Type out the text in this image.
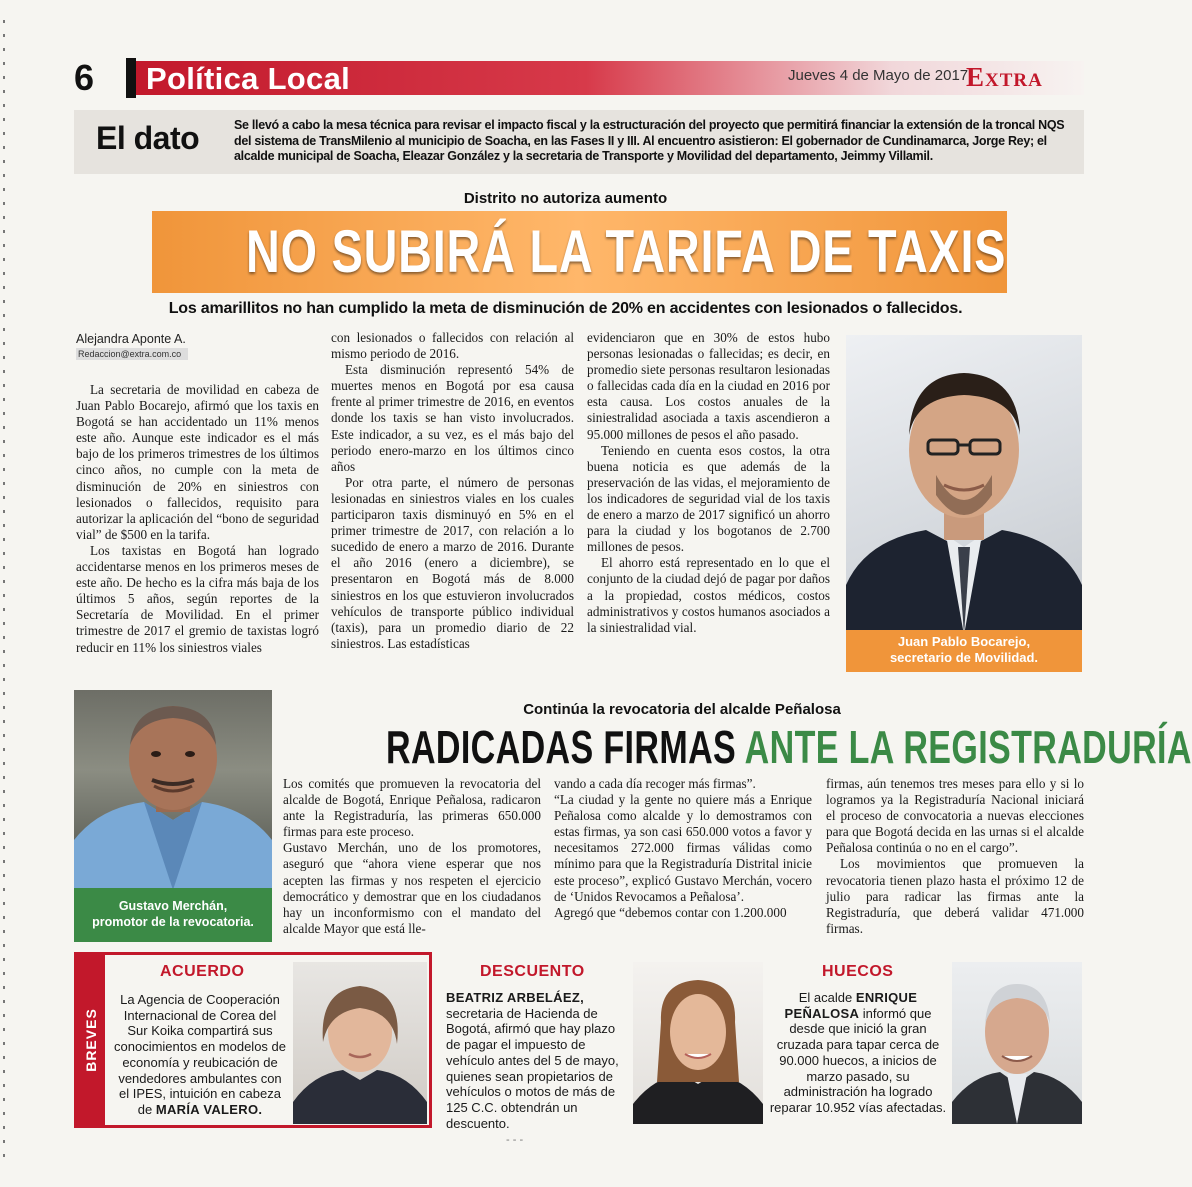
6	Política Local	Jueves 4 de Mayo de 2017
Extra
El dato	Se llevó a cabo la mesa técnica para revisar el impacto fiscal y la estructuración del proyecto que permitirá financiar la extensión de la troncal NQS del sistema de TransMilenio al municipio de Soacha, en las Fases II y III. Al encuentro asistieron: El gobernador de Cundinamarca, Jorge Rey; el alcalde municipal de Soacha, Eleazar González y la secretaria de Transporte y Movilidad del departamento, Jeimmy Villamil.
Distrito no autoriza aumento
NO SUBIRÁ LA TARIFA DE TAXIS
Los amarillitos no han cumplido la meta de disminución de 20% en accidentes con lesionados o fallecidos.
Alejandra Aponte A.
Redaccion@extra.com.co

La secretaria de movilidad en cabeza de Juan Pablo Bocarejo, afirmó que los taxis en Bogotá se han accidentado un 11% menos este año. Aunque este indicador es el más bajo de los primeros trimestres de los últimos cinco años, no cumple con la meta de disminución de 20% en siniestros con lesionados o fallecidos, requisito para autorizar la aplicación del “bono de seguridad vial” de $500 en la tarifa.

Los taxistas en Bogotá han logrado accidentarse menos en los primeros meses de este año. De hecho es la cifra más baja de los últimos 5 años, según reportes de la Secretaría de Movilidad. En el primer trimestre de 2017 el gremio de taxistas logró reducir en 11% los siniestros viales

con lesionados o fallecidos con relación al mismo periodo de 2016.

Esta disminución representó 54% de muertes menos en Bogotá por esa causa frente al primer trimestre de 2016, en eventos donde los taxis se han visto involucrados. Este indicador, a su vez, es el más bajo del periodo enero-marzo en los últimos cinco años

Por otra parte, el número de personas lesionadas en siniestros viales en los cuales participaron taxis disminuyó en 5% en el primer trimestre de 2017, con relación a lo sucedido de enero a marzo de 2016. Durante el año 2016 (enero a diciembre), se presentaron en Bogotá más de 8.000 siniestros en los que estuvieron involucrados vehículos de transporte público individual (taxis), para un promedio diario de 22 siniestros. Las estadísticas

evidenciaron que en 30% de estos hubo personas lesionadas o fallecidas; es decir, en promedio siete personas resultaron lesionadas o fallecidas cada día en la ciudad en 2016 por esta causa. Los costos anuales de la siniestralidad asociada a taxis ascendieron a 95.000 millones de pesos el año pasado.

Teniendo en cuenta esos costos, la otra buena noticia es que además de la preservación de las vidas, el mejoramiento de los indicadores de seguridad vial de los taxis de enero a marzo de 2017 significó un ahorro para la ciudad y los bogotanos de 2.700 millones de pesos.

El ahorro está representado en lo que el conjunto de la ciudad dejó de pagar por daños a la propiedad, costos médicos, costos administrativos y costos humanos asociados a la siniestralidad vial.

Juan Pablo Bocarejo,
secretario de Movilidad.
Gustavo Merchán,
promotor de la revocatoria.
Continúa la revocatoria del alcalde Peñalosa
RADICADAS FIRMAS ANTE LA REGISTRADURÍA

Los comités que promueven la revocatoria del alcalde de Bogotá, Enrique Peñalosa, radicaron ante la Registraduría, las primeras 650.000 firmas para este proceso.

Gustavo Merchán, uno de los promotores, aseguró que “ahora viene esperar que nos acepten las firmas y nos respeten el ejercicio democrático y demostrar que en los ciudadanos hay un inconformismo con el mandato del alcalde Mayor que está lle-

vando a cada día recoger más firmas”.

“La ciudad y la gente no quiere más a Enrique Peñalosa como alcalde y lo demostramos con estas firmas, ya son casi 650.000 votos a favor y necesitamos 272.000 firmas válidas como mínimo para que la Registraduría Distrital inicie este proceso”, explicó Gustavo Merchán, vocero de ‘Unidos Revocamos a Peñalosa’.

Agregó que “debemos contar con 1.200.000

firmas, aún tenemos tres meses para ello y si lo logramos ya la Registraduría Nacional iniciará el proceso de convocatoria a nuevas elecciones para que Bogotá decida en las urnas si el alcalde Peñalosa continúa o no en el cargo”.

Los movimientos que promueven la revocatoria tienen plazo hasta el próximo 12 de julio para radicar las firmas ante la Registraduría, que deberá validar 471.000 firmas.

BREVES
ACUERDO
La Agencia de Cooperación Internacional de Corea del Sur Koika compartirá sus conocimientos en modelos de economía y reubicación de vendedores ambulantes con el IPES, intuición en cabeza de MARÍA VALERO.
DESCUENTO
BEATRIZ ARBELÁEZ, secretaria de Hacienda de Bogotá, afirmó que hay plazo de pagar el impuesto de vehículo antes del 5 de mayo, quienes sean propietarios de vehículos o motos de más de 125 C.C. obtendrán un descuento.
HUECOS
El acalde ENRIQUE PEÑALOSA informó que desde que inició la gran cruzada para tapar cerca de 90.000 huecos, a inicios de marzo pasado, su administración ha logrado reparar 10.952 vías afectadas.
- - -
